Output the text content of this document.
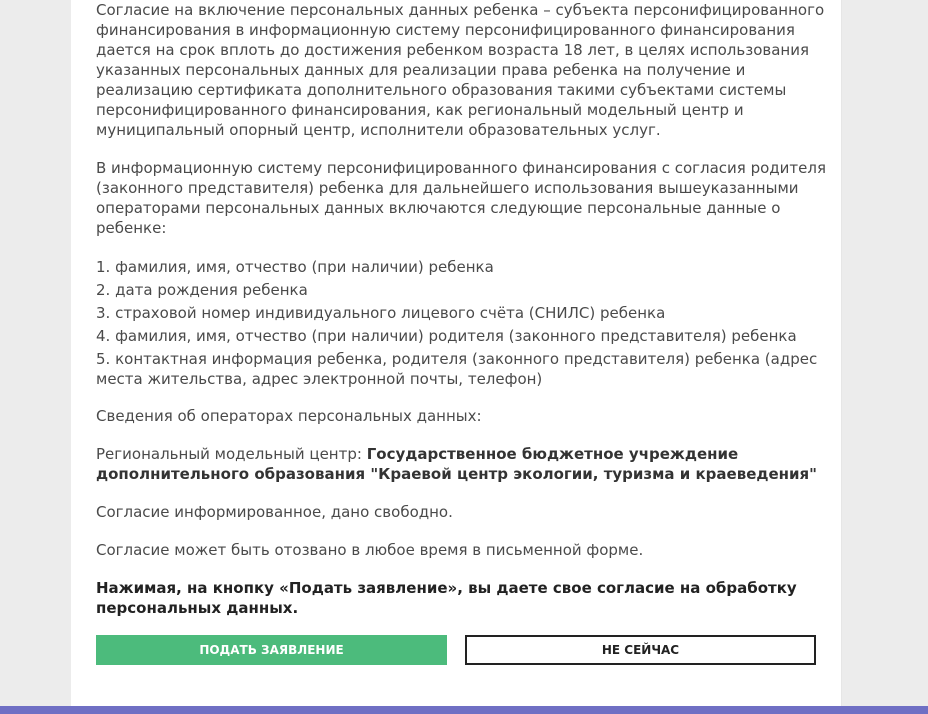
Согласие на включение персональных данных ребенка – субъекта персонифицированного финансирования в информационную систему персонифицированного финансирования дается на срок вплоть до достижения ребенком возраста 18 лет, в целях использования указанных персональных данных для реализации права ребенка на получение и реализацию сертификата дополнительного образования такими субъектами системы персонифицированного финансирования, как региональный модельный центр и муниципальный опорный центр, исполнители образовательных услуг.

В информационную систему персонифицированного финансирования с согласия родителя (законного представителя) ребенка для дальнейшего использования вышеуказанными операторами персональных данных включаются следующие персональные данные о ребенке:

1. фамилия, имя, отчество (при наличии) ребенка
2. дата рождения ребенка
3. страховой номер индивидуального лицевого счёта (СНИЛС) ребенка
4. фамилия, имя, отчество (при наличии) родителя (законного представителя) ребенка
5. контактная информация ребенка, родителя (законного представителя) ребенка (адрес места жительства, адрес электронной почты, телефон)

Сведения об операторах персональных данных:

Региональный модельный центр: Государственное бюджетное учреждение дополнительного образования "Краевой центр экологии, туризма и краеведения"

Согласие информированное, дано свободно.

Согласие может быть отозвано в любое время в письменной форме.

Нажимая, на кнопку «Подать заявление», вы даете свое согласие на обработку персональных данных.

ПОДАТЬ ЗАЯВЛЕНИЕ	НЕ СЕЙЧАС
